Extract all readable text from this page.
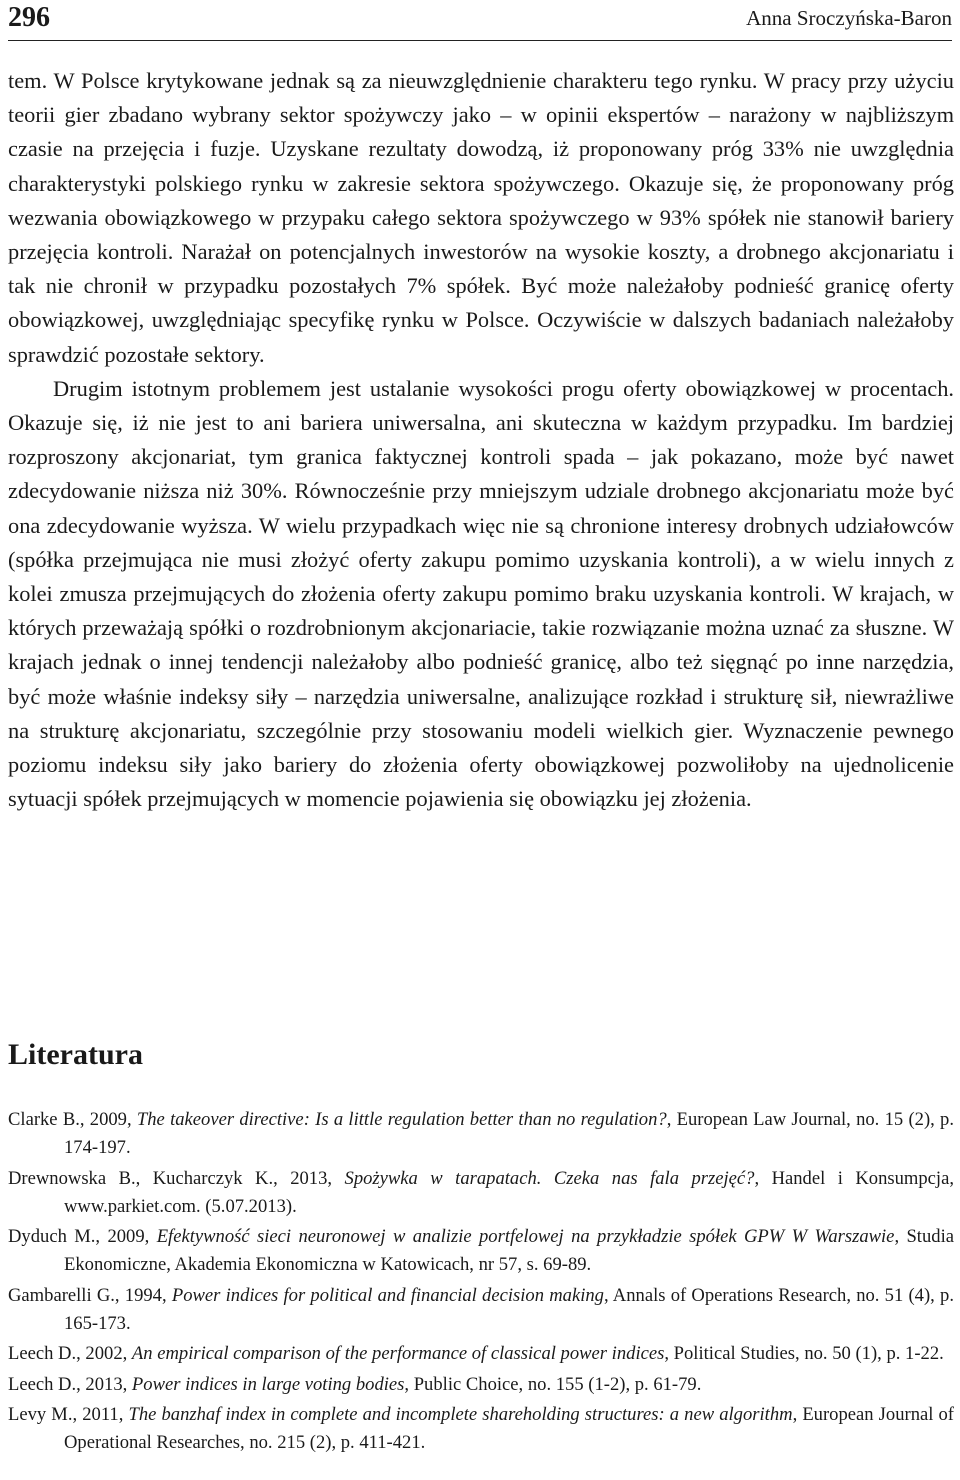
296	Anna Sroczyńska-Baron

tem. W Polsce krytykowane jednak są za nieuwzględnienie charakteru tego rynku. W pracy przy użyciu teorii gier zbadano wybrany sektor spożywczy jako – w opinii ekspertów – narażony w najbliższym czasie na przejęcia i fuzje. Uzyskane rezultaty dowodzą, iż proponowany próg 33% nie uwzględnia charakterystyki polskiego rynku w zakresie sektora spożywczego. Okazuje się, że proponowany próg wezwania obowiązkowego w przypaku całego sektora spożywczego w 93% spółek nie stanowił bariery przejęcia kontroli. Narażał on potencjalnych inwestorów na wysokie koszty, a drobnego akcjonariatu i tak nie chronił w przypadku pozostałych 7% spółek. Być może należałoby podnieść granicę oferty obowiązkowej, uwzględniając specyfikę rynku w Polsce. Oczywiście w dalszych badaniach należałoby sprawdzić pozostałe sektory.

Drugim istotnym problemem jest ustalanie wysokości progu oferty obowiązkowej w procentach. Okazuje się, iż nie jest to ani bariera uniwersalna, ani skuteczna w każdym przypadku. Im bardziej rozproszony akcjonariat, tym granica faktycznej kontroli spada – jak pokazano, może być nawet zdecydowanie niższa niż 30%. Równocześnie przy mniejszym udziale drobnego akcjonariatu może być ona zdecydowanie wyższa. W wielu przypadkach więc nie są chronione interesy drobnych udziałowców (spółka przejmująca nie musi złożyć oferty zakupu pomimo uzyskania kontroli), a w wielu innych z kolei zmusza przejmujących do złożenia oferty zakupu pomimo braku uzyskania kontroli. W krajach, w których przeważają spółki o rozdrobnionym akcjonariacie, takie rozwiązanie można uznać za słuszne. W krajach jednak o innej tendencji należałoby albo podnieść granicę, albo też sięgnąć po inne narzędzia, być może właśnie indeksy siły – narzędzia uniwersalne, analizujące rozkład i strukturę sił, niewrażliwe na strukturę akcjonariatu, szczególnie przy stosowaniu modeli wielkich gier. Wyznaczenie pewnego poziomu indeksu siły jako bariery do złożenia oferty obowiązkowej pozwoliłoby na ujednolicenie sytuacji spółek przejmujących w momencie pojawienia się obowiązku jej złożenia.

Literatura

Clarke B., 2009, The takeover directive: Is a little regulation better than no regulation?, European Law Journal, no. 15 (2), p. 174-197.

Drewnowska B., Kucharczyk K., 2013, Spożywka w tarapatach. Czeka nas fala przejęć?, Handel i Konsumpcja, www.parkiet.com. (5.07.2013).

Dyduch M., 2009, Efektywność sieci neuronowej w analizie portfelowej na przykładzie spółek GPW W Warszawie, Studia Ekonomiczne, Akademia Ekonomiczna w Katowicach, nr 57, s. 69-89.

Gambarelli G., 1994, Power indices for political and financial decision making, Annals of Operations Research, no. 51 (4), p. 165-173.

Leech D., 2002, An empirical comparison of the performance of classical power indices, Political Studies, no. 50 (1), p. 1-22.

Leech D., 2013, Power indices in large voting bodies, Public Choice, no. 155 (1-2), p. 61-79.

Levy M., 2011, The banzhaf index in complete and incomplete shareholding structures: a new algorithm, European Journal of Operational Researches, no. 215 (2), p. 411-421.
